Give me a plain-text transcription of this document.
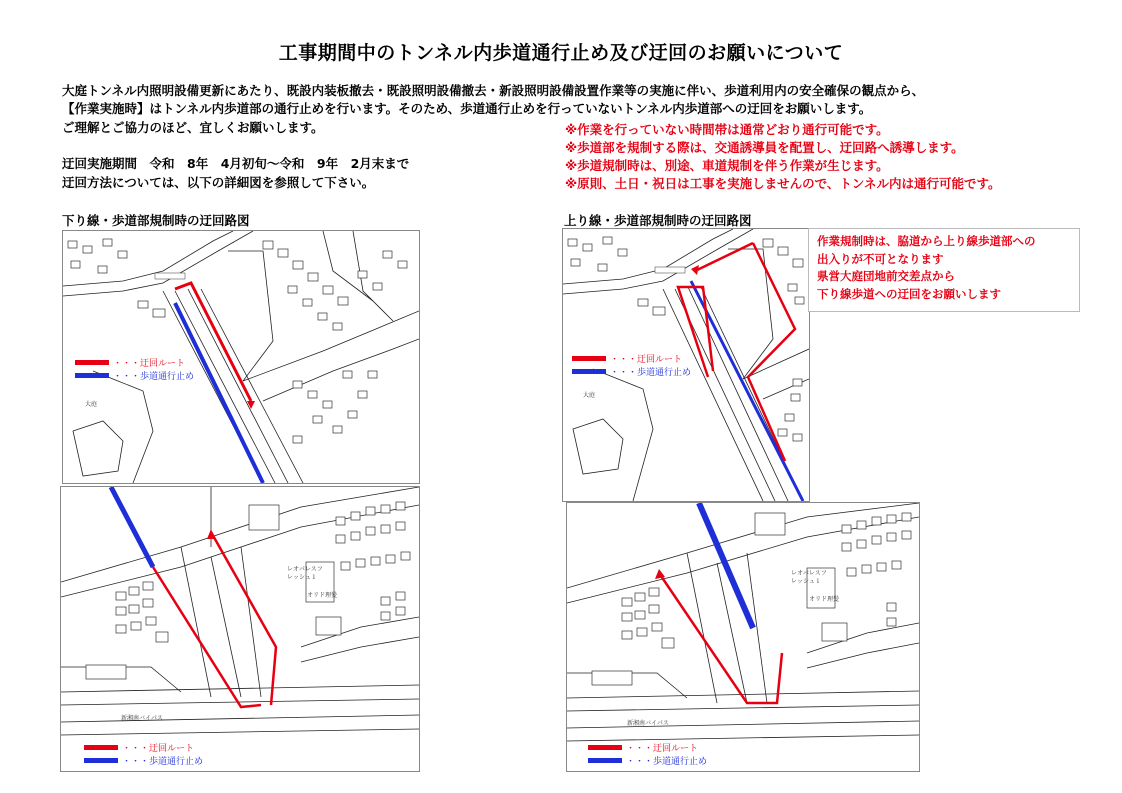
工事期間中のトンネル内歩道通行止め及び迂回のお願いについて
大庭トンネル内照明設備更新にあたり、既設内装板撤去・既設照明設備撤去・新設照明設備設置作業等の実施に伴い、歩道利用内の安全確保の観点から、
【作業実施時】はトンネル内歩道部の通行止めを行います。そのため、歩道通行止めを行っていないトンネル内歩道部への迂回をお願いします。
ご理解とご協力のほど、宜しくお願いします。	※作業を行っていない時間帯は通常どおり通行可能です。
※歩道部を規制する際は、交通誘導員を配置し、迂回路へ誘導します。
※歩道規制時は、別途、車道規制を伴う作業が生じます。
※原則、土日・祝日は工事を実施しませんので、トンネル内は通行可能です。
迂回実施期間　令和　8年　4月初旬～令和　9年　2月末まで
迂回方法については、以下の詳細図を参照して下さい。
下り線・歩道部規制時の迂回路図	上り線・歩道部規制時の迂回路図
大庭
・・・迂回ルート
・・・歩道通行止め
レオパレスフ
レッシュ１
オリド理髪
新湘南バイパス
・・・迂回ルート
・・・歩道通行止め
大庭
・・・迂回ルート
・・・歩道通行止め
作業規制時は、脇道から上り線歩道部への
出入りが不可となります
県営大庭団地前交差点から
下り線歩道への迂回をお願いします
レオパレスフ
レッシュ１
オリド理髪
新湘南バイパス
・・・迂回ルート
・・・歩道通行止め
